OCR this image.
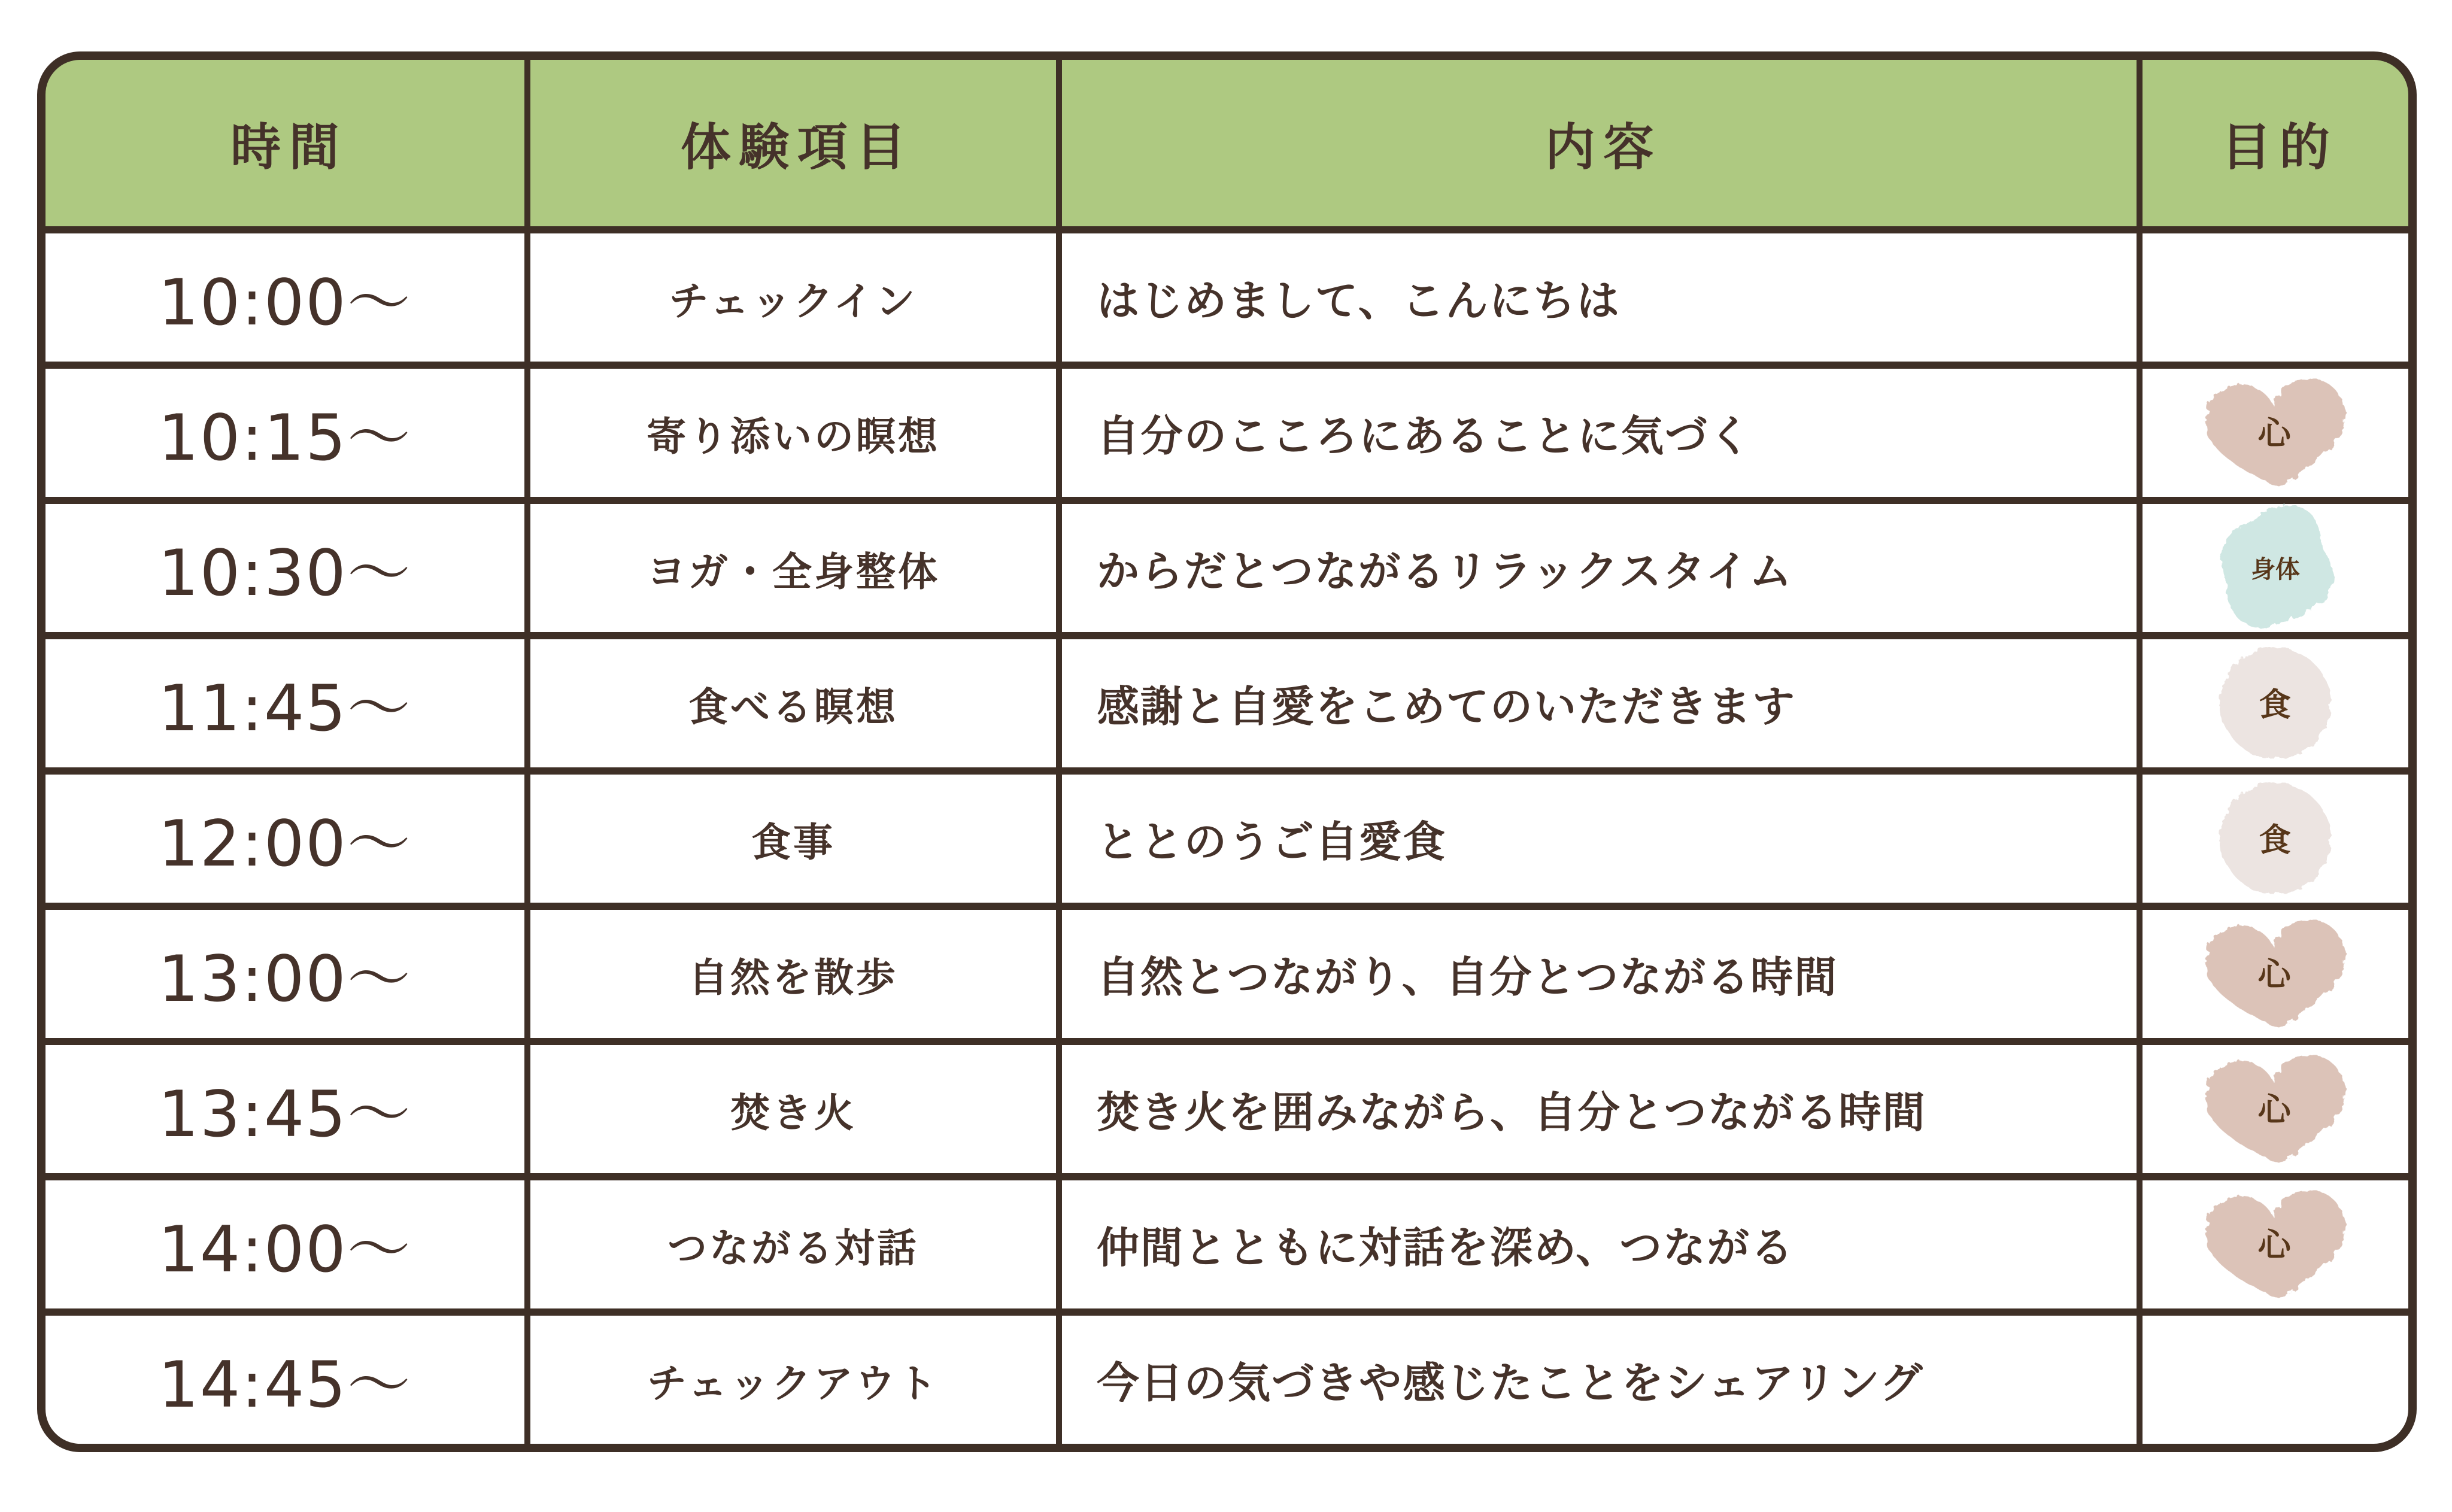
時間	体験項目	内容	目的
10:00〜	チェックイン	はじめまして、こんにちは
10:15〜	寄り添いの瞑想	自分のこころにあることに気づく	心
10:30〜	ヨガ・全身整体	からだとつながるリラックスタイム	身体
11:45〜	食べる瞑想	感謝と自愛をこめてのいただきます	食
12:00〜	食事	ととのうご自愛食	食
13:00〜	自然を散歩	自然とつながり、自分とつながる時間	心
13:45〜	焚き火	焚き火を囲みながら、自分とつながる時間	心
14:00〜	つながる対話	仲間とともに対話を深め、つながる	心
14:45〜	チェックアウト	今日の気づきや感じたことをシェアリング
